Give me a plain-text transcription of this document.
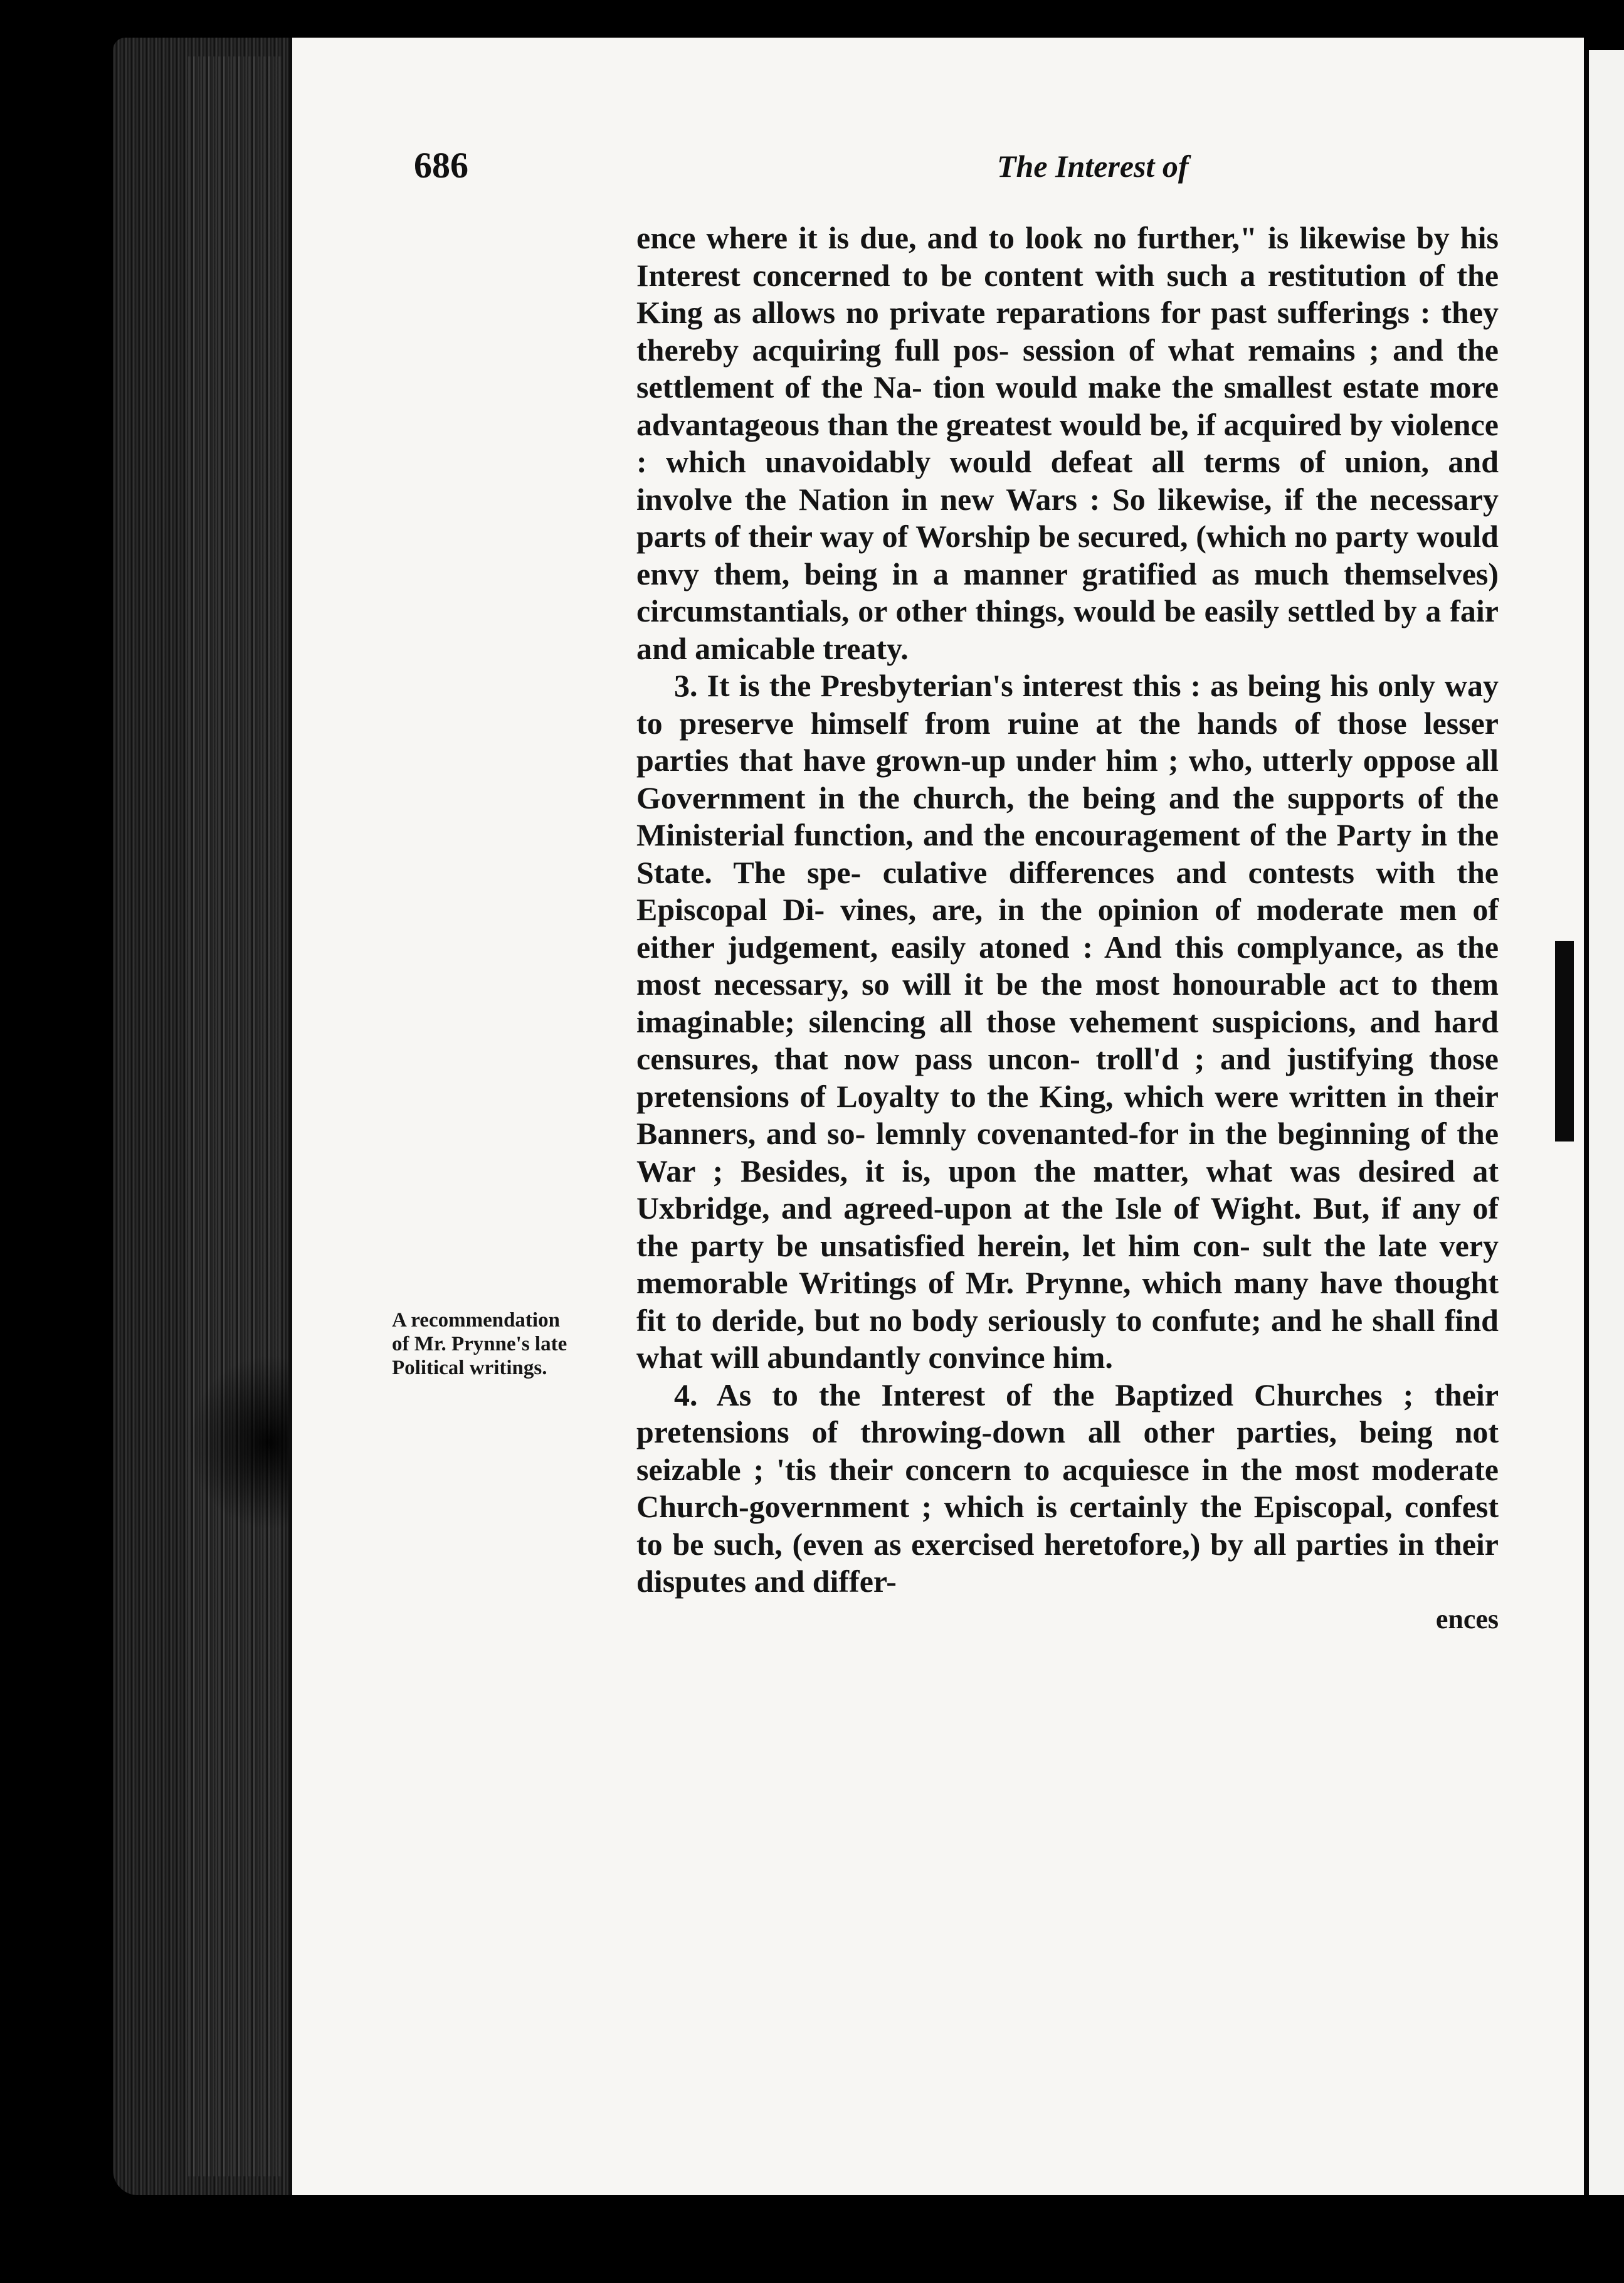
686	The Interest of
A recommendation
of Mr. Prynne's late
Political writings.

ence where it is due, and to look no further," is likewise by his Interest concerned to be content with such a restitution of the King as allows no private reparations for past sufferings : they thereby acquiring full pos- session of what remains ; and the settlement of the Na- tion would make the smallest estate more advantageous than the greatest would be, if acquired by violence : which unavoidably would defeat all terms of union, and involve the Nation in new Wars : So likewise, if the necessary parts of their way of Worship be secured, (which no party would envy them, being in a manner gratified as much themselves) circumstantials, or other things, would be easily settled by a fair and amicable treaty.

3. It is the Presbyterian's interest this : as being his only way to preserve himself from ruine at the hands of those lesser parties that have grown-up under him ; who, utterly oppose all Government in the church, the being and the supports of the Ministerial function, and the encouragement of the Party in the State. The spe- culative differences and contests with the Episcopal Di- vines, are, in the opinion of moderate men of either judgement, easily atoned : And this complyance, as the most necessary, so will it be the most honourable act to them imaginable; silencing all those vehement suspicions, and hard censures, that now pass uncon- troll'd ; and justifying those pretensions of Loyalty to the King, which were written in their Banners, and so- lemnly covenanted-for in the beginning of the War ; Besides, it is, upon the matter, what was desired at Uxbridge, and agreed-upon at the Isle of Wight. But, if any of the party be unsatisfied herein, let him con- sult the late very memorable Writings of Mr. Prynne, which many have thought fit to deride, but no body seriously to confute; and he shall find what will abundantly convince him.

4. As to the Interest of the Baptized Churches ; their pretensions of throwing-down all other parties, being not seizable ; 'tis their concern to acquiesce in the most moderate Church-government ; which is certainly the Episcopal, confest to be such, (even as exercised heretofore,) by all parties in their disputes and differ-

ences
